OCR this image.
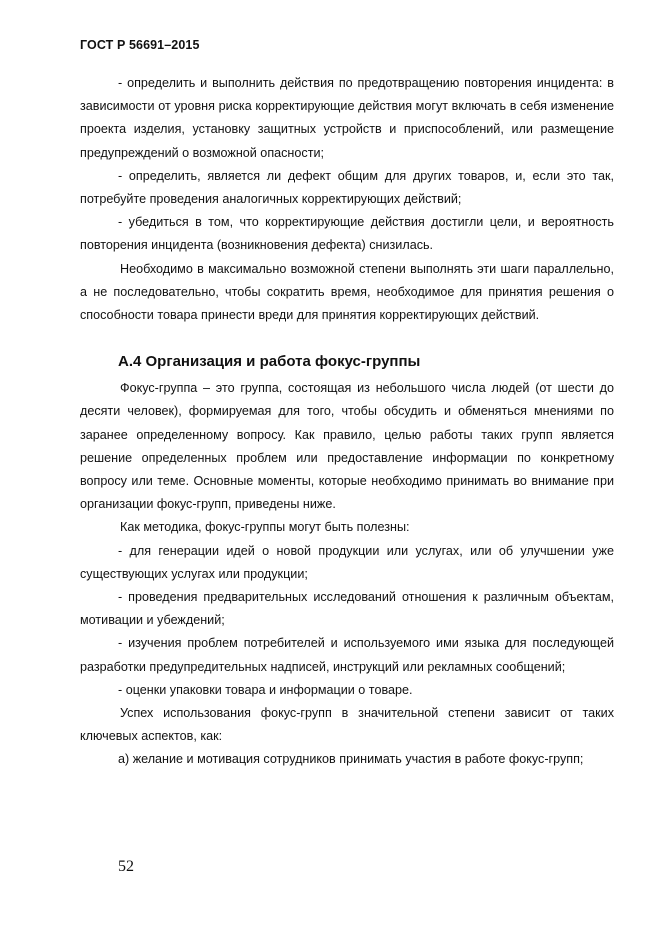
ГОСТ Р 56691–2015

- определить и выполнить действия по предотвращению повторения инцидента: в зависимости от уровня риска корректирующие действия могут включать в себя изменение проекта изделия, установку защитных устройств и приспособлений, или размещение предупреждений о возможной опасности;

- определить, является ли дефект общим для других товаров, и, если это так, потребуйте проведения аналогичных корректирующих действий;

- убедиться в том, что корректирующие действия достигли цели, и вероятность повторения инцидента (возникновения дефекта) снизилась.

Необходимо в максимально возможной степени выполнять эти шаги параллельно, а не последовательно, чтобы сократить время, необходимое для принятия решения о способности товара принести вреди для принятия корректирующих действий.

А.4 Организация и работа фокус-группы

Фокус-группа – это группа, состоящая из небольшого числа людей (от шести до десяти человек), формируемая для того, чтобы обсудить и обменяться мнениями по заранее определенному вопросу. Как правило, целью работы таких групп является решение определенных проблем или предоставление информации по конкретному вопросу или теме. Основные моменты, которые необходимо принимать во внимание при организации фокус-групп, приведены ниже.

Как методика, фокус-группы могут быть полезны:

- для генерации идей о новой продукции или услугах, или об улучшении уже существующих услугах или продукции;

- проведения предварительных исследований отношения к различным объектам, мотивации и убеждений;

- изучения проблем потребителей и используемого ими языка для последующей разработки предупредительных надписей, инструкций или рекламных сообщений;

- оценки упаковки товара и информации о товаре.

Успех использования фокус-групп в значительной степени зависит от таких ключевых аспектов, как:

а) желание и мотивация сотрудников принимать участия в работе фокус-групп;

52
